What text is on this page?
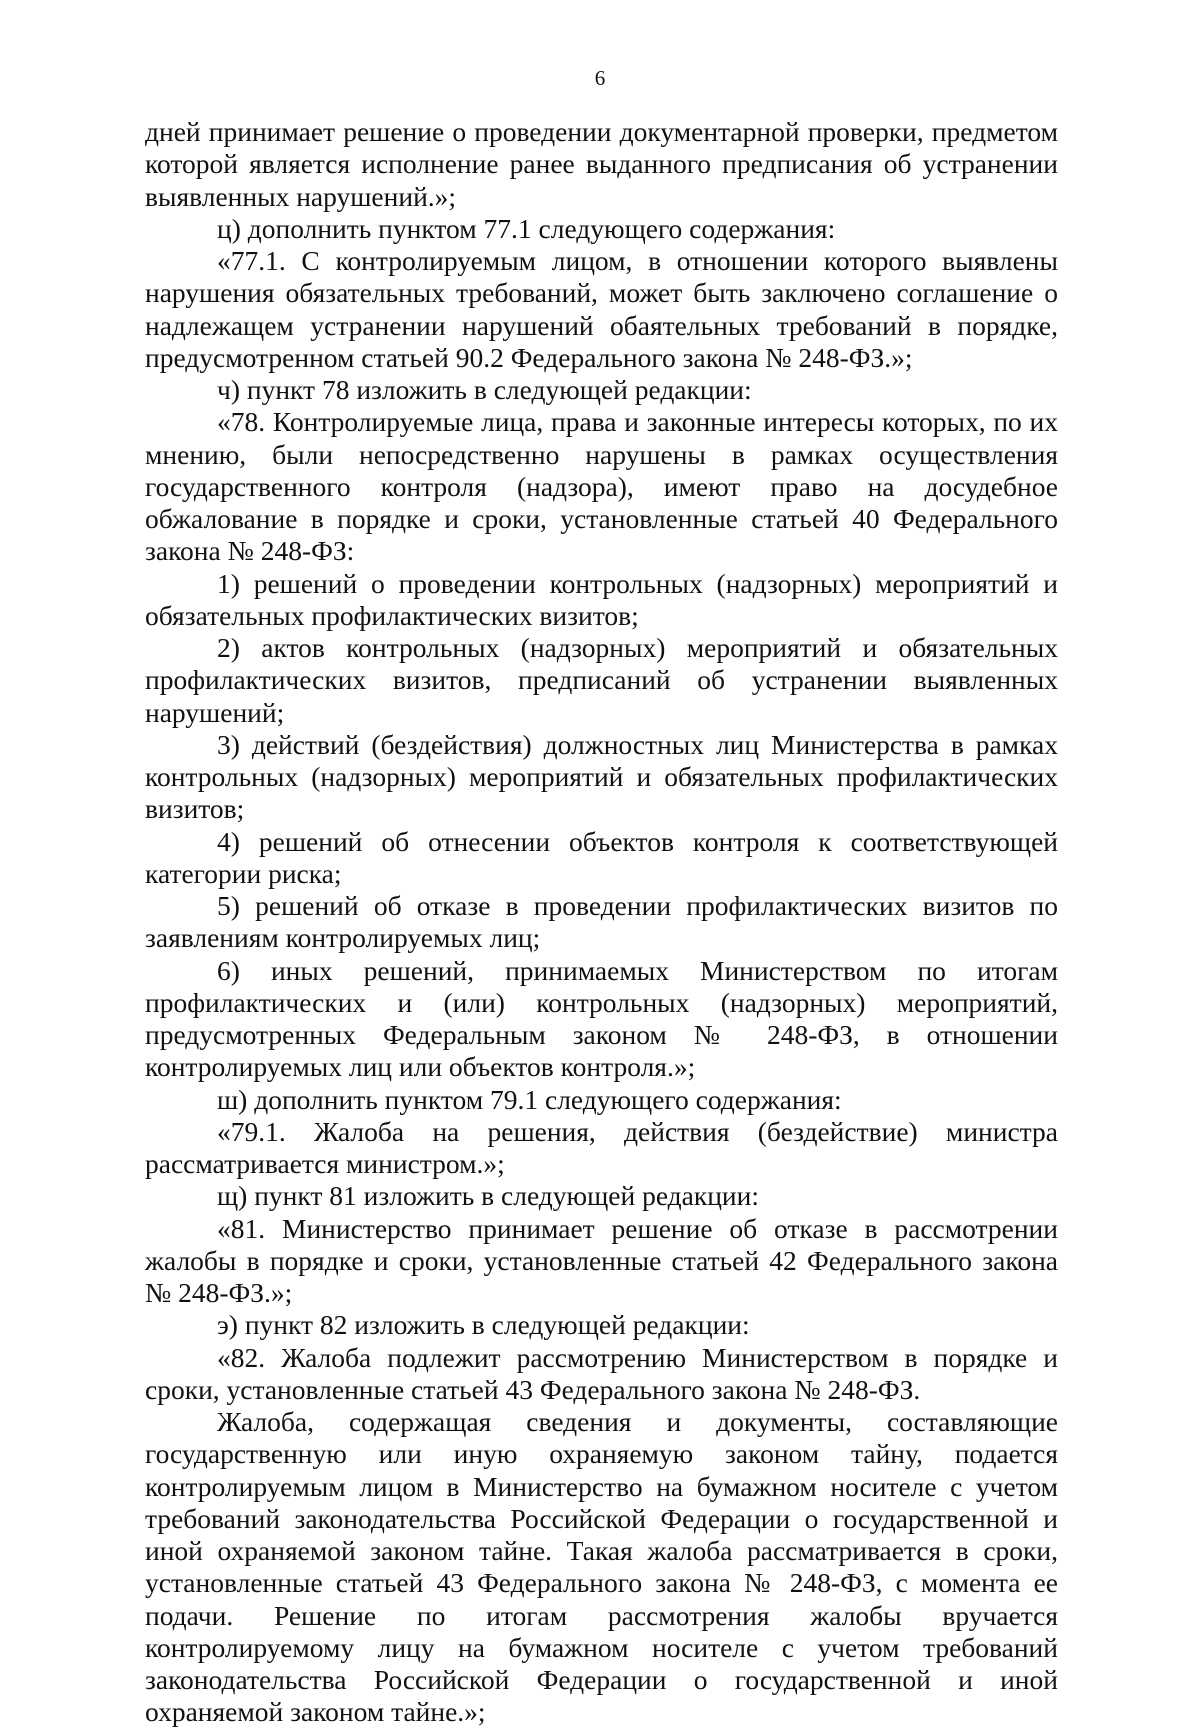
6

дней принимает решение о проведении документарной проверки, предметом которой является исполнение ранее выданного предписания об устранении выявленных нарушений.»;

ц) дополнить пунктом 77.1 следующего содержания:

«77.1. С контролируемым лицом, в отношении которого выявлены нарушения обязательных требований, может быть заключено соглашение о надлежащем устранении нарушений обаятельных требований в порядке, предусмотренном статьей 90.2 Федерального закона № 248-ФЗ.»;

ч) пункт 78 изложить в следующей редакции:

«78. Контролируемые лица, права и законные интересы которых, по их мнению, были непосредственно нарушены в рамках осуществления государственного контроля (надзора), имеют право на досудебное обжалование в порядке и сроки, установленные статьей 40 Федерального закона № 248-ФЗ:

1) решений о проведении контрольных (надзорных) мероприятий и обязательных профилактических визитов;

2) актов контрольных (надзорных) мероприятий и обязательных профилактических визитов, предписаний об устранении выявленных нарушений;

3) действий (бездействия) должностных лиц Министерства в рамках контрольных (надзорных) мероприятий и обязательных профилактических визитов;

4) решений об отнесении объектов контроля к соответствующей категории риска;

5) решений об отказе в проведении профилактических визитов по заявлениям контролируемых лиц;

6) иных решений, принимаемых Министерством по итогам профилактических и (или) контрольных (надзорных) мероприятий, предусмотренных Федеральным законом № 248-ФЗ, в отношении контролируемых лиц или объектов контроля.»;

ш) дополнить пунктом 79.1 следующего содержания:

«79.1. Жалоба на решения, действия (бездействие) министра рассматривается министром.»;

щ) пункт 81 изложить в следующей редакции:

«81. Министерство принимает решение об отказе в рассмотрении жалобы в порядке и сроки, установленные статьей 42 Федерального закона № 248-ФЗ.»;

э) пункт 82 изложить в следующей редакции:

«82. Жалоба подлежит рассмотрению Министерством в порядке и сроки, установленные статьей 43 Федерального закона № 248-ФЗ.

Жалоба, содержащая сведения и документы, составляющие государственную или иную охраняемую законом тайну, подается контролируемым лицом в Министерство на бумажном носителе с учетом требований законодательства Российской Федерации о государственной и иной охраняемой законом тайне. Такая жалоба рассматривается в сроки, установленные статьей 43 Федерального закона № 248-ФЗ, с момента ее подачи. Решение по итогам рассмотрения жалобы вручается контролируемому лицу на бумажном носителе с учетом требований законодательства Российской Федерации о государственной и иной охраняемой законом тайне.»;
